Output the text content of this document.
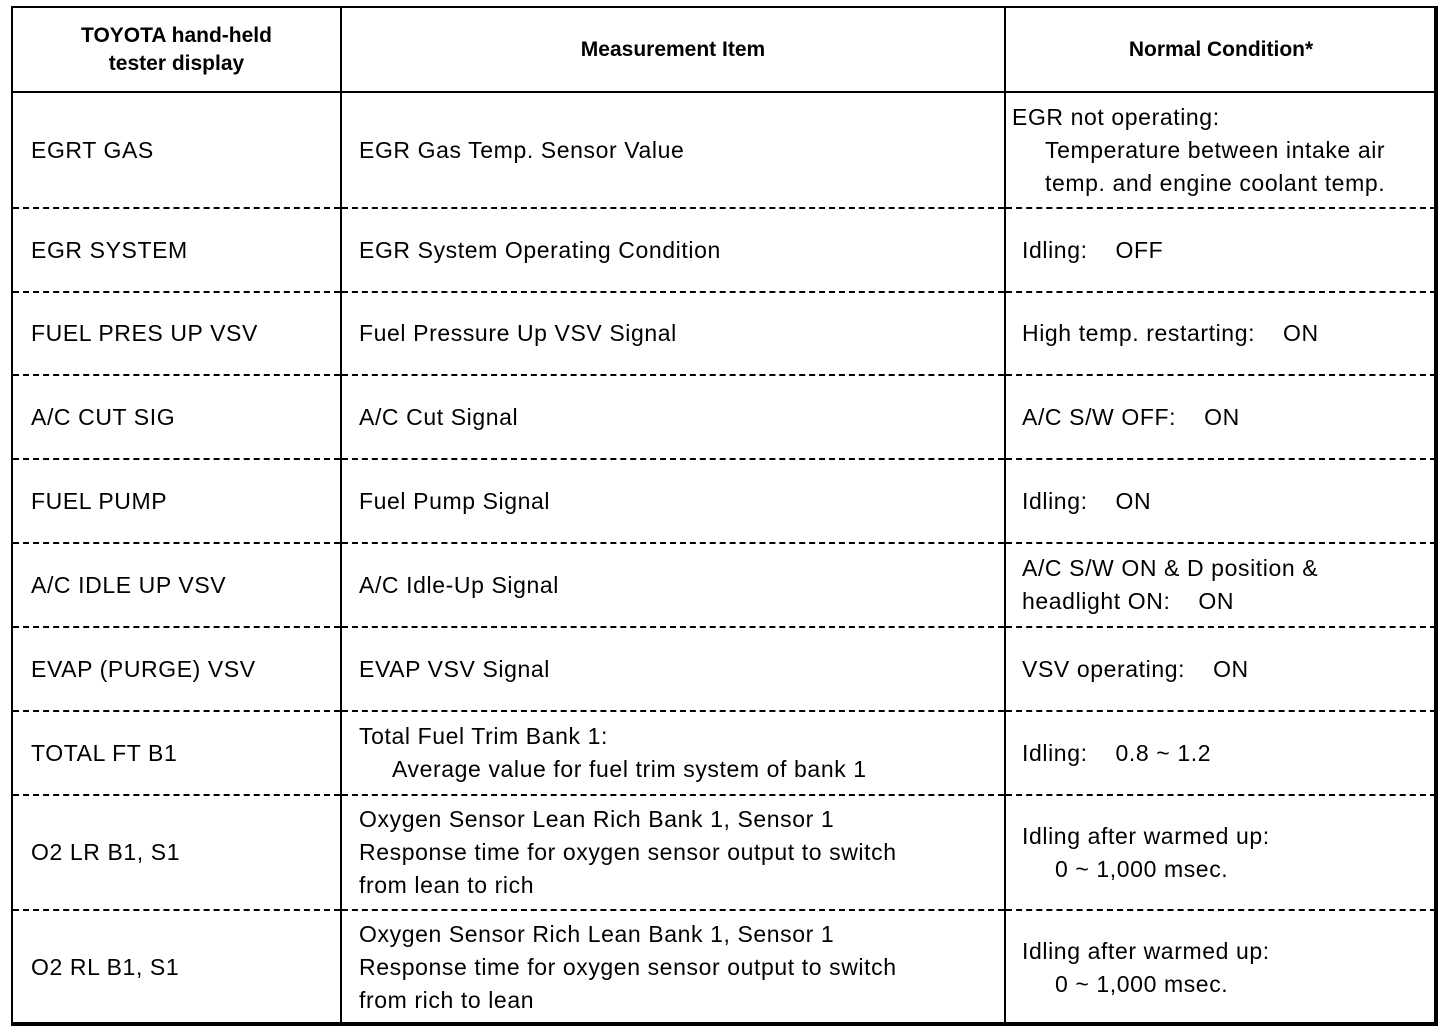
TOYOTA hand-held
tester display	Measurement Item	Normal Condition*
EGRT GAS	EGR Gas Temp. Sensor Value	EGR not operating:
Temperature between intake air
temp. and engine coolant temp.

EGR SYSTEM	EGR System Operating Condition	Idling:    OFF

FUEL PRES UP VSV	Fuel Pressure Up VSV Signal	High temp. restarting:    ON

A/C CUT SIG	A/C Cut Signal	A/C S/W OFF:    ON

FUEL PUMP	Fuel Pump Signal	Idling:    ON

A/C IDLE UP VSV	A/C Idle-Up Signal	A/C S/W ON & D position &
headlight ON:    ON

EVAP (PURGE) VSV	EVAP VSV Signal	VSV operating:    ON

TOTAL FT B1	Total Fuel Trim Bank 1:
Average value for fuel trim system of bank 1	Idling:    0.8 ~ 1.2

O2 LR B1, S1	Oxygen Sensor Lean Rich Bank 1, Sensor 1
Response time for oxygen sensor output to switch
from lean to rich	Idling after warmed up:
0 ~ 1,000 msec.

O2 RL B1, S1	Oxygen Sensor Rich Lean Bank 1, Sensor 1
Response time for oxygen sensor output to switch
from rich to lean	Idling after warmed up:
0 ~ 1,000 msec.
